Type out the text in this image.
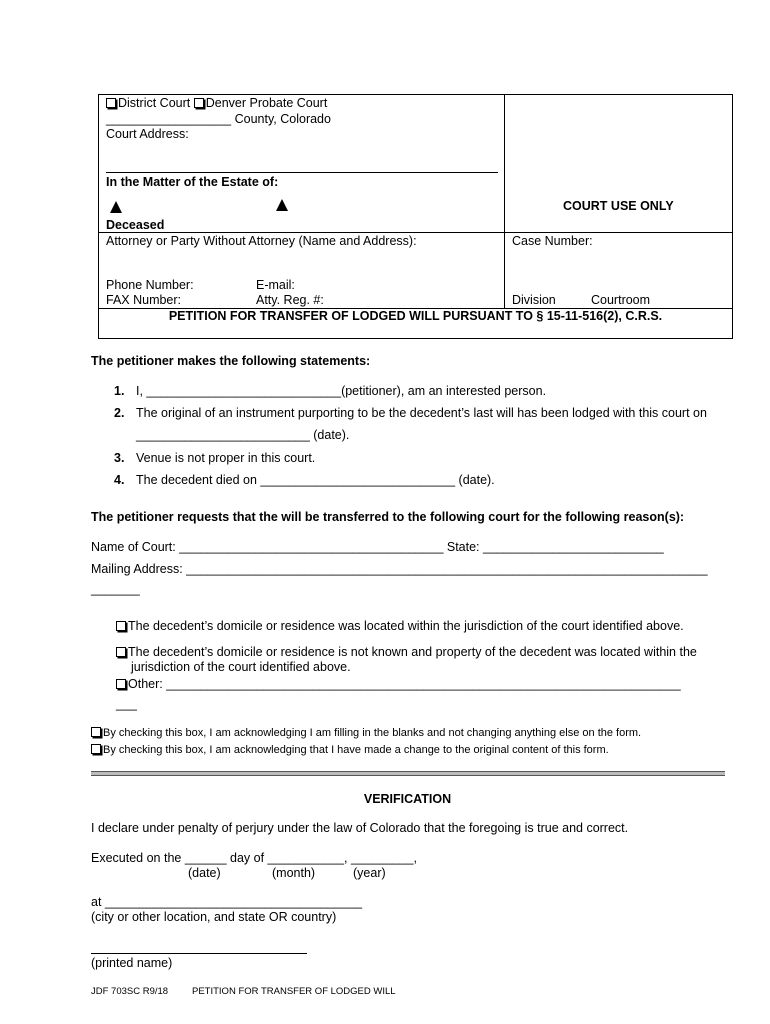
District Court Denver Probate Court
__________________ County, Colorado
Court Address:
In the Matter of the Estate of:
Deceased
COURT USE ONLY
Attorney or Party Without Attorney (Name and Address):	Case Number:
Phone Number:	E-mail:
FAX Number:	Atty. Reg. #:	Division	Courtroom
PETITION FOR TRANSFER OF LODGED WILL PURSUANT TO § 15-11-516(2), C.R.S.
The petitioner makes the following statements:
1. I, ____________________________(petitioner), am an interested person.
2. The original of an instrument purporting to be the decedent’s last will has been lodged with this court on
_________________________ (date).
3. Venue is not proper in this court.
4. The decedent died on ____________________________ (date).
The petitioner requests that the will be transferred to the following court for the following reason(s):
Name of Court: ______________________________________ State: __________________________
Mailing Address: ___________________________________________________________________________
_______
The decedent’s domicile or residence was located within the jurisdiction of the court identified above.
The decedent’s domicile or residence is not known and property of the decedent was located within the
jurisdiction of the court identified above.
Other: __________________________________________________________________________
___
By checking this box, I am acknowledging I am filling in the blanks and not changing anything else on the form.
By checking this box, I am acknowledging that I have made a change to the original content of this form.
VERIFICATION
I declare under penalty of perjury under the law of Colorado that the foregoing is true and correct.
Executed on the ______ day of ___________, _________,
(date)	(month)	(year)
at _____________________________________
(city or other location, and state OR country)
(printed name)
JDF 703SC R9/18	PETITION FOR TRANSFER OF LODGED WILL
